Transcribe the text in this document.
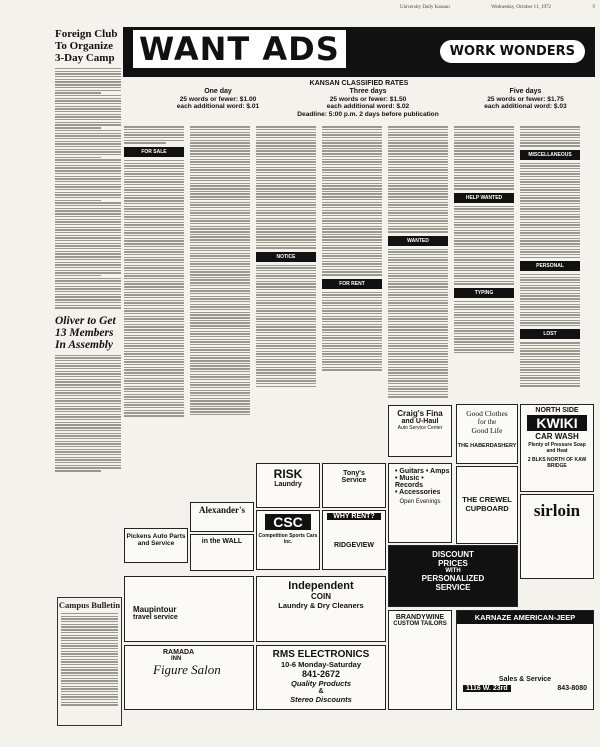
University Daily Kansan	Wednesday, October 11, 1972	9
Foreign Club To Organize 3-Day Camp
Oliver to Get 13 Members In Assembly
Campus Bulletin
WANT ADS	WORK WONDERS
KANSAN CLASSIFIED RATES
One day
25 words or fewer: $1.00
each additional word: $.01
Three days
25 words or fewer: $1.50
each additional word: $.02
Deadline: 5:00 p.m. 2 days before publication
Five days
25 words or fewer: $1.75
each additional word: $.03
FOR SALE
NOTICE
FOR RENT
WANTED
HELP WANTED
TYPING
MISCELLANEOUS
PERSONAL
LOST
Craig's Fina
and U-Haul
Auto Service Center
Good Clothes
for the
Good Life
THE HABERDASHERY
NORTH SIDE
KWIKI
CAR WASH
Plenty of Pressure Soap and Heat
2 BLKS NORTH OF KAW BRIDGE
RISK
Laundry
Tony's
Service
• Guitars • Amps
• Music • Records
• Accessories
Open Evenings	THE CREWEL
CUPBOARD	sirloin
Pickens Auto Parts
and Service
Alexander's
in the WALL
CSC
Competition Sports Cars Inc.
WHY RENT?
RIDGEVIEW
DISCOUNT
PRICES
WITH
PERSONALIZED
SERVICE
Maupintour
travel service
Independent
COIN
Laundry & Dry Cleaners
BRANDYWINE
CUSTOM TAILORS
KARNAZE AMERICAN-JEEP
Sales & Service
1116 W. 23rd	843-8080
RAMADA
INN
Figure Salon
RMS ELECTRONICS
10-6 Monday-Saturday
841-2672
Quality Products
&
Stereo Discounts
